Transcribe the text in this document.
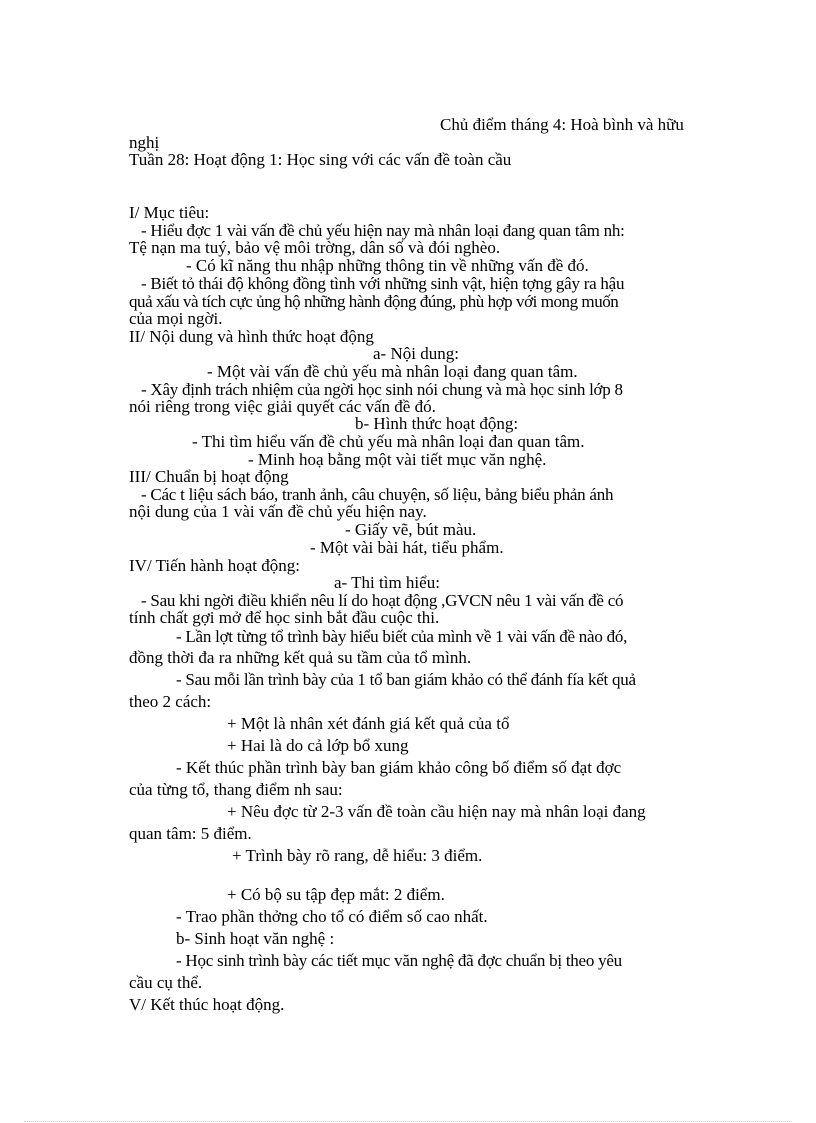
Chủ điểm tháng 4: Hoà bình và hữu
nghị
Tuần 28: Hoạt động 1: Học sing với các vấn đề toàn cầu
I/ Mục tiêu:
- Hiểu đợc 1 vài vấn đề chủ yếu hiện nay mà nhân loại đang quan tâm nh:
Tệ nạn ma tuý, bảo vệ môi trờng, dân số và đói nghèo.
- Có kĩ năng thu nhập những thông tin về những vấn đề đó.
- Biết tỏ thái độ không đồng tình với những sinh vật, hiện tợng gây ra hậu
quả xấu và tích cực ủng hộ những hành động đúng, phù hợp với mong muốn
của mọi ngời.
II/ Nội dung và hình thức hoạt động
a- Nội dung:
- Một vài vấn đề chủ yếu mà nhân loại đang quan tâm.
- Xây định trách nhiệm của ngời học sinh nói chung và mà học sinh lớp 8
nói riêng trong việc giải quyết các vấn đề đó.
b- Hình thức hoạt động:
- Thi tìm hiểu vấn đề chủ yếu mà nhân loại đan quan tâm.
- Minh hoạ bằng một vài tiết mục văn nghệ.
III/ Chuẩn bị hoạt động
- Các t liệu sách báo, tranh ảnh, câu chuyện, số liệu, bảng biểu phản ánh
nội dung của 1 vài vấn đề chủ yếu hiện nay.
- Giấy vẽ, bút màu.
- Một vài bài hát, tiểu phẩm.
IV/ Tiến hành hoạt động:
a- Thi tìm hiểu:
- Sau khi ngời điều khiển nêu lí do hoạt động ,GVCN nêu 1 vài vấn đề có
tính chất gợi mở để học sinh bắt đầu cuộc thi.
- Lần lợt từng tổ trình bày hiểu biết của mình về 1 vài vấn đề nào đó,
đồng thời đa ra những kết quả su tầm của tổ mình.
- Sau mỗi lần trình bày của 1 tổ ban giám khảo có thể đánh fía kết quả
theo 2 cách:
+ Một là nhân xét đánh giá kết quả của tổ
+ Hai là do cả lớp bổ xung
- Kết thúc phần trình bày ban giám khảo công bố điểm số đạt đợc
của từng tổ, thang điểm nh sau:
+ Nêu đợc từ 2-3 vấn đề toàn cầu hiện nay mà nhân loại đang
quan tâm: 5 điểm.
+ Trình bày rõ rang, dễ hiểu: 3 điểm.
+ Có bộ su tập đẹp mắt: 2 điểm.
- Trao phần thởng cho tổ có điểm số cao nhất.
b- Sinh hoạt văn nghệ :
- Học sinh trình bày các tiết mục văn nghệ đã đợc chuẩn bị theo yêu
cầu cụ thể.
V/ Kết thúc hoạt động.
